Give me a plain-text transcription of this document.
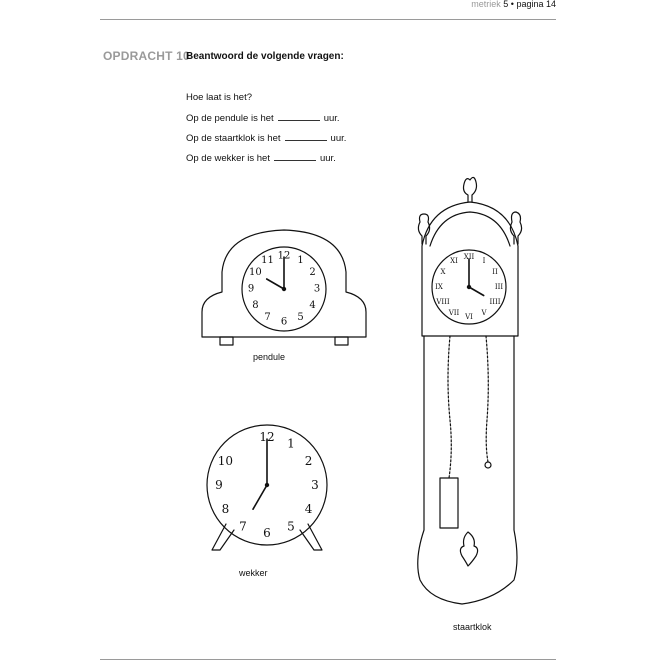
metriek 5 • pagina 14
OPDRACHT 10
Beantwoord de volgende vragen:
Hoe laat is het?
Op de pendule is het	uur.
Op de staartklok is het	uur.
Op de wekker is het	uur.
12 1
2
3
4
5
6
7
8
9
10
11
12 1
2
3
4
5
6
7
8
9
10
XII I
II
III
IIII
V
VI
VII
VIII
IX
X
XI
pendule
wekker
staartklok
